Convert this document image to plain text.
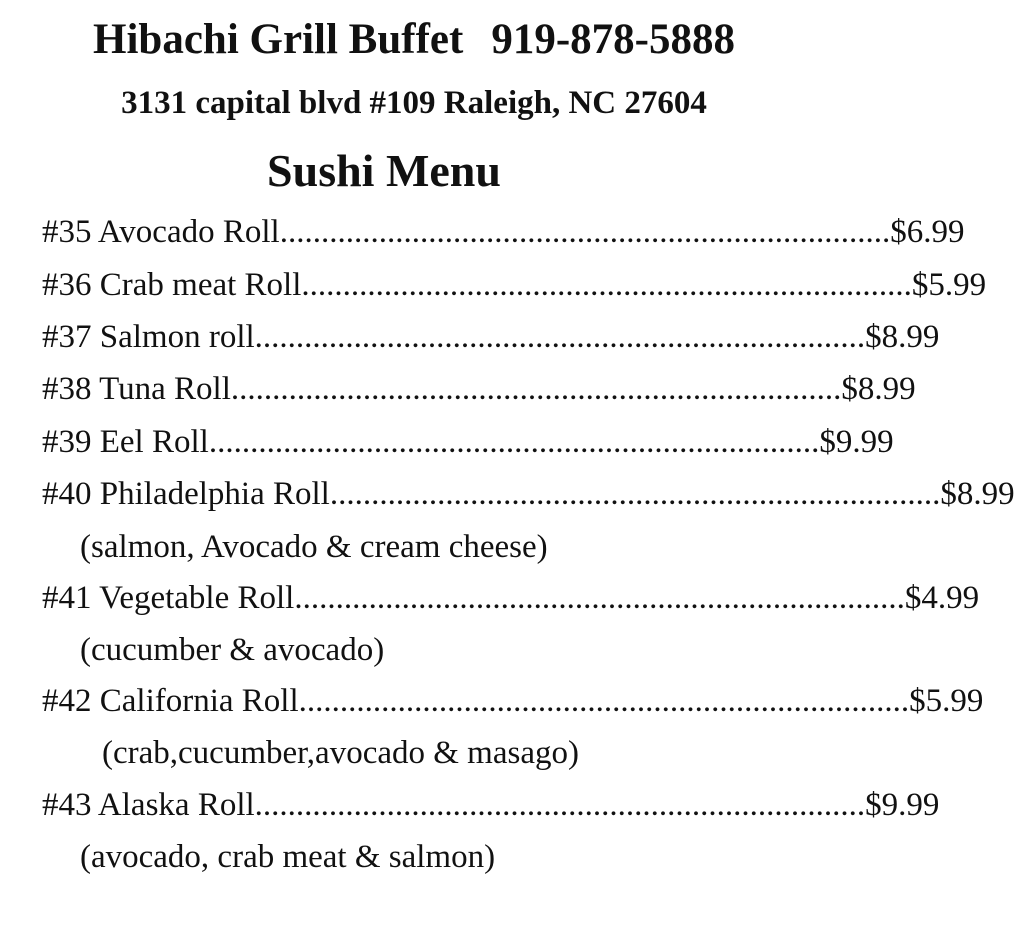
Hibachi Grill Buffet 919-878-5888
3131 capital blvd #109 Raleigh, NC 27604
Sushi Menu
#35 Avocado Roll .......................................................................... $6.99
#36 Crab meat Roll .......................................................................... $5.99
#37 Salmon roll .......................................................................... $8.99
#38 Tuna Roll .......................................................................... $8.99
#39 Eel Roll .......................................................................... $9.99
#40 Philadelphia Roll .......................................................................... $8.99
(salmon, Avocado & cream cheese)
#41 Vegetable Roll .......................................................................... $4.99
(cucumber & avocado)
#42 California Roll .......................................................................... $5.99
(crab,cucumber,avocado & masago)
#43 Alaska Roll .......................................................................... $9.99
(avocado, crab meat & salmon)
